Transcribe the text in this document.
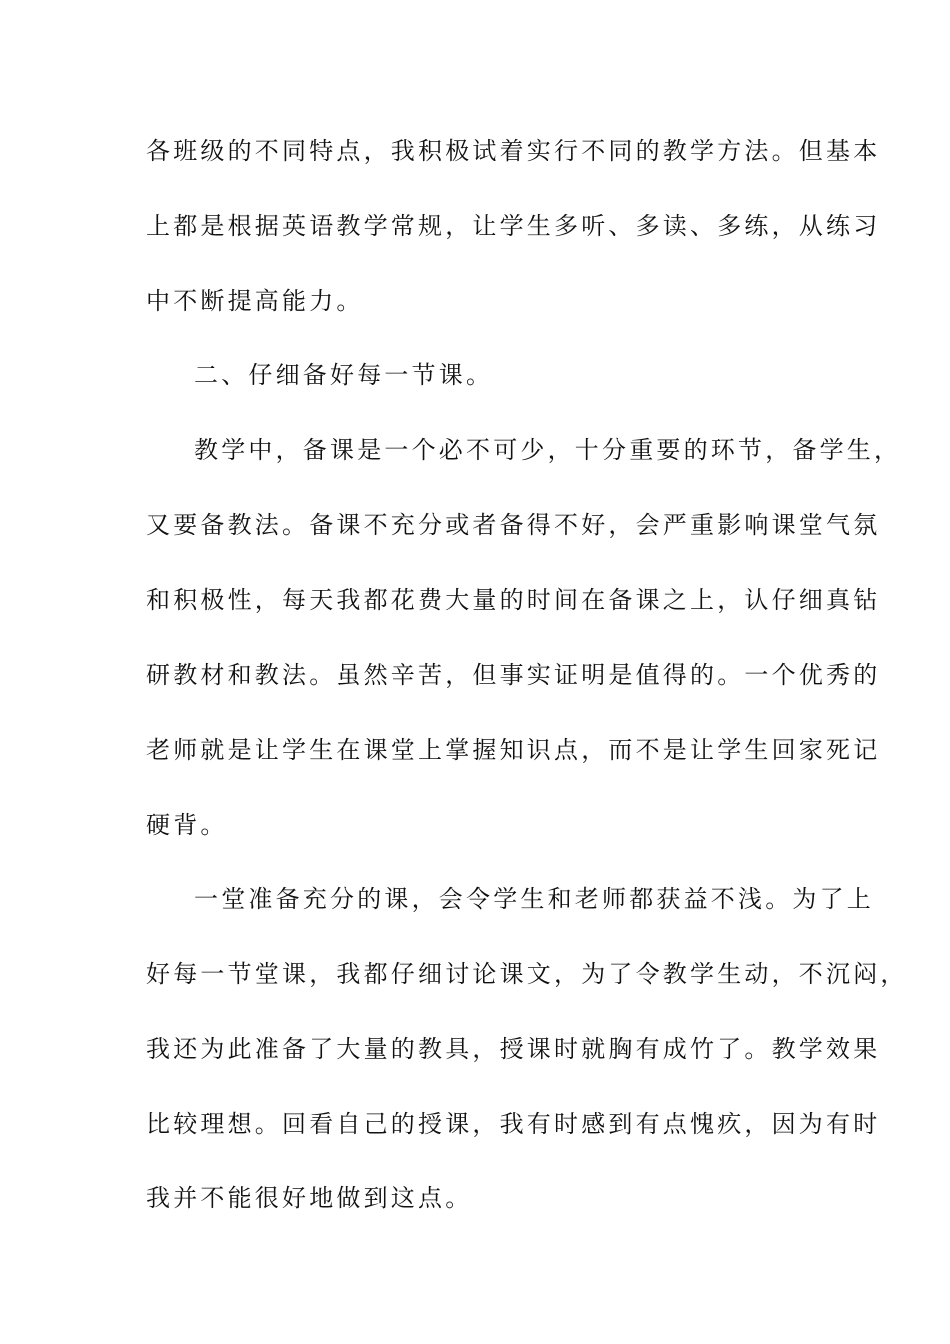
各班级的不同特点，我积极试着实行不同的教学方法。但基本
上都是根据英语教学常规，让学生多听、多读、多练，从练习
中不断提高能力。
二、仔细备好每一节课。
教学中，备课是一个必不可少，十分重要的环节，备学生，
又要备教法。备课不充分或者备得不好，会严重影响课堂气氛
和积极性，每天我都花费大量的时间在备课之上，认仔细真钻
研教材和教法。虽然辛苦，但事实证明是值得的。一个优秀的
老师就是让学生在课堂上掌握知识点，而不是让学生回家死记
硬背。
一堂准备充分的课，会令学生和老师都获益不浅。为了上
好每一节堂课，我都仔细讨论课文，为了令教学生动，不沉闷，
我还为此准备了大量的教具，授课时就胸有成竹了。教学效果
比较理想。回看自己的授课，我有时感到有点愧疚，因为有时
我并不能很好地做到这点。
